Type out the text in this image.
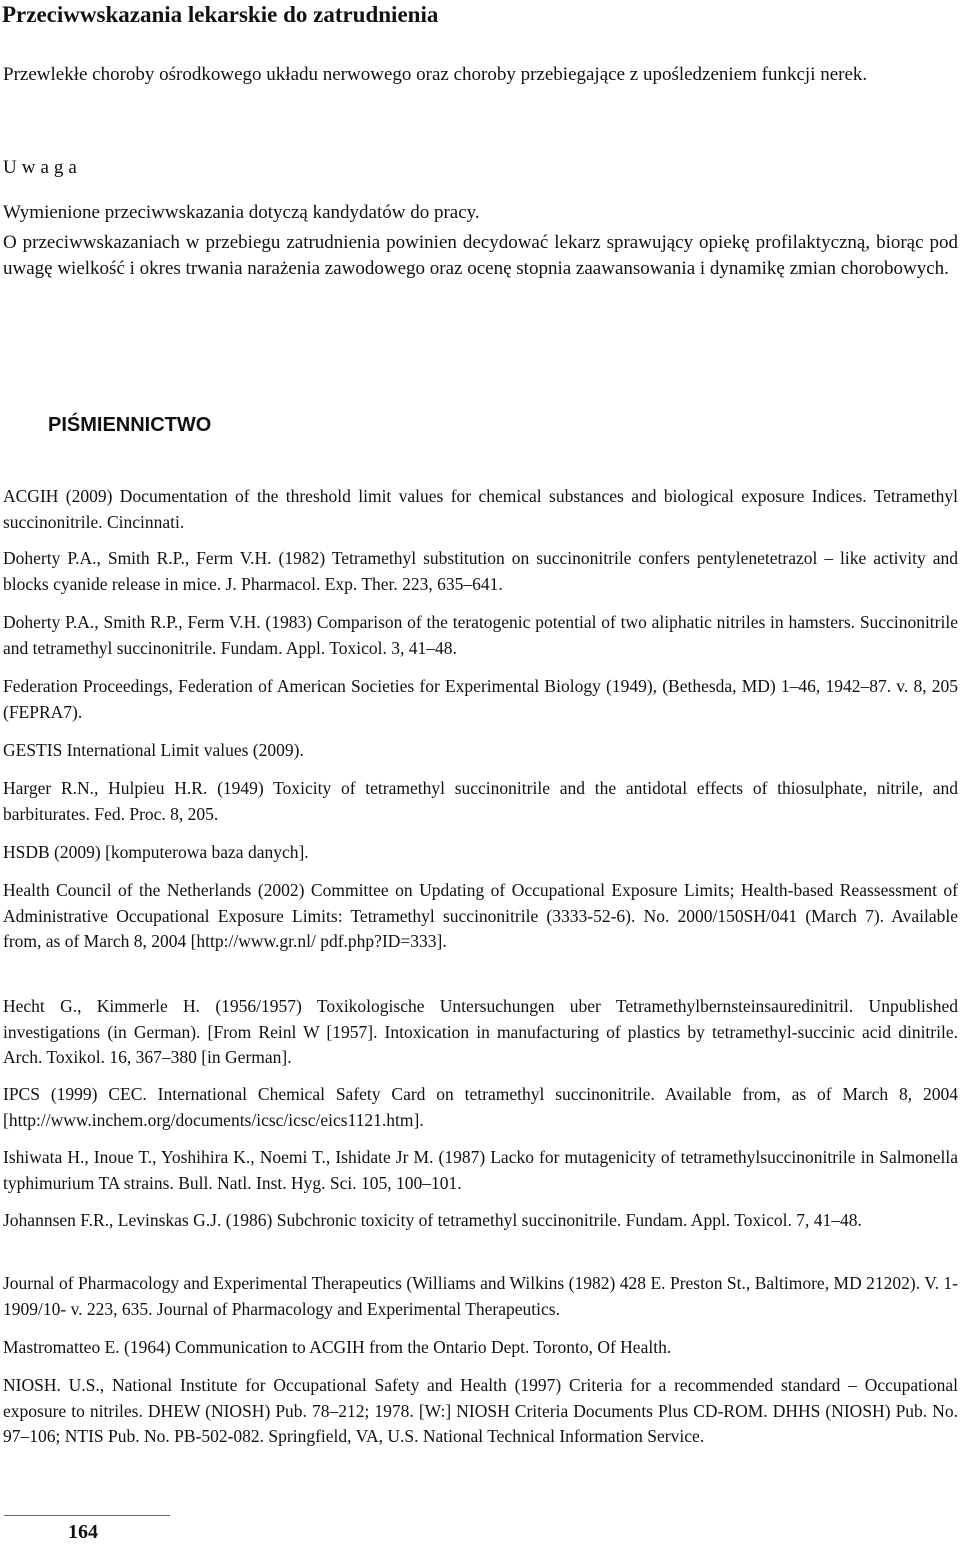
Przeciwwskazania lekarskie do zatrudnienia
Przewlekłe choroby ośrodkowego układu nerwowego oraz choroby przebiegające z upośledzeniem funkcji nerek.
Uwaga
Wymienione przeciwwskazania dotyczą kandydatów do pracy.
O przeciwwskazaniach w przebiegu zatrudnienia powinien decydować lekarz sprawujący opiekę profilaktyczną, biorąc pod uwagę wielkość i okres trwania narażenia zawodowego oraz ocenę stopnia zaawansowania i dynamikę zmian chorobowych.
PIŚMIENNICTWO
ACGIH (2009) Documentation of the threshold limit values for chemical substances and biological exposure Indices. Tetramethyl succinonitrile. Cincinnati.
Doherty P.A., Smith R.P., Ferm V.H. (1982) Tetramethyl substitution on succinonitrile confers pentylenetetrazol – like activity and blocks cyanide release in mice. J. Pharmacol. Exp. Ther. 223, 635–641.
Doherty P.A., Smith R.P., Ferm V.H. (1983) Comparison of the teratogenic potential of two aliphatic nitriles in hamsters. Succinonitrile and tetramethyl succinonitrile. Fundam. Appl. Toxicol. 3, 41–48.
Federation Proceedings, Federation of American Societies for Experimental Biology (1949), (Bethesda, MD) 1–46, 1942–87. v. 8, 205 (FEPRA7).
GESTIS International Limit values (2009).
Harger R.N., Hulpieu H.R. (1949) Toxicity of tetramethyl succinonitrile and the antidotal effects of thiosulphate, nitrile, and barbiturates. Fed. Proc. 8, 205.
HSDB (2009) [komputerowa baza danych].
Health Council of the Netherlands (2002) Committee on Updating of Occupational Exposure Limits; Health-based Reassessment of Administrative Occupational Exposure Limits: Tetramethyl succinonitrile (3333-52-6). No. 2000/150SH/041 (March 7). Available from, as of March 8, 2004 [http://www.gr.nl/ pdf.php?ID=333].
Hecht G., Kimmerle H. (1956/1957) Toxikologische Untersuchungen uber Tetramethylbernsteinsauredinitril. Unpublished investigations (in German). [From Reinl W [1957]. Intoxication in manufacturing of plastics by tetramethyl-succinic acid dinitrile. Arch. Toxikol. 16, 367–380 [in German].
IPCS (1999) CEC. International Chemical Safety Card on tetramethyl succinonitrile. Available from, as of March 8, 2004 [http://www.inchem.org/documents/icsc/icsc/eics1121.htm].
Ishiwata H., Inoue T., Yoshihira K., Noemi T., Ishidate Jr M. (1987) Lacko for mutagenicity of tetramethylsuccinonitrile in Salmonella typhimurium TA strains. Bull. Natl. Inst. Hyg. Sci. 105, 100–101.
Johannsen F.R., Levinskas G.J. (1986) Subchronic toxicity of tetramethyl succinonitrile. Fundam. Appl. Toxicol. 7, 41–48.
Journal of Pharmacology and Experimental Therapeutics (Williams and Wilkins (1982) 428 E. Preston St., Baltimore, MD 21202). V. 1-1909/10- v. 223, 635. Journal of Pharmacology and Experimental Therapeutics.
Mastromatteo E. (1964) Communication to ACGIH from the Ontario Dept. Toronto, Of Health.
NIOSH. U.S., National Institute for Occupational Safety and Health (1997) Criteria for a recommended standard – Occupational exposure to nitriles. DHEW (NIOSH) Pub. 78–212; 1978. [W:] NIOSH Criteria Documents Plus CD-ROM. DHHS (NIOSH) Pub. No. 97–106; NTIS Pub. No. PB-502-082. Springfield, VA, U.S. National Technical Information Service.
164
